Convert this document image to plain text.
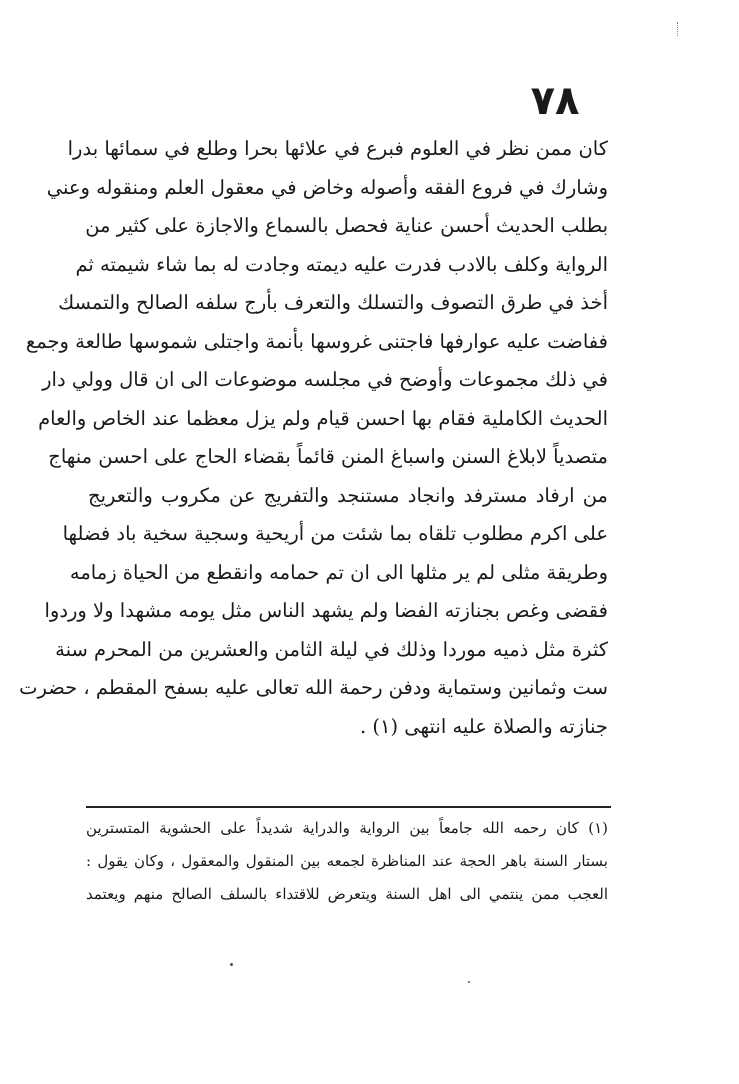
٧٨
كان ممن نظر في العلوم فبرع في علائها بحرا وطلع في سمائها بدرا
وشارك في فروع الفقه وأصوله وخاض في معقول العلم ومنقوله وعني
بطلب الحديث أحسن عناية فحصل بالسماع والاجازة على كثير من
الرواية وكلف بالادب فدرت عليه ديمته وجادت له بما شاء شيمته ثم
أخذ في طرق التصوف والتسلك والتعرف بأرج سلفه الصالح والتمسك
ففاضت عليه عوارفها فاجتنى غروسها بأنمة واجتلى شموسها طالعة وجمع
في ذلك مجموعات وأوضح في مجلسه موضوعات الى ان قال وولي دار
الحديث الكاملية فقام بها احسن قيام ولم يزل معظما عند الخاص والعام
متصدياً لابلاغ السنن واسباغ المنن قائماً بقضاء الحاج على احسن منهاج
من ارفاد مسترفد وانجاد مستنجد والتفريج عن مكروب والتعريج
على اكرم مطلوب تلقاه بما شئت من أريحية وسجية سخية باد فضلها
وطريقة مثلى لم ير مثلها الى ان تم حمامه وانقطع من الحياة زمامه
فقضى وغص بجنازته الفضا ولم يشهد الناس مثل يومه مشهدا ولا وردوا
كثرة مثل ذميه موردا وذلك في ليلة الثامن والعشرين من المحرم سنة
ست وثمانين وستماية ودفن رحمة الله تعالى عليه بسفح المقطم ، حضرت
جنازته والصلاة عليه انتهى (١) .
(١) كان رحمه الله جامعاً بين الرواية والدراية شديداً على الحشوية المتسترين
بستار السنة باهر الحجة عند المناظرة لجمعه بين المنقول والمعقول ، وكان يقول :
العجب ممن ينتمي الى اهل السنة ويتعرض للاقتداء بالسلف الصالح منهم ويعتمد
